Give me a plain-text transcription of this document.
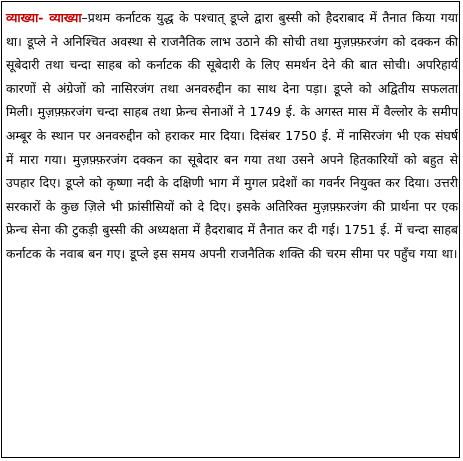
व्याख्या- व्याख्या–प्रथम कर्नाटक युद्ध के पश्चात् डूप्ले द्वारा बुस्सी को हैदराबाद में तैनात किया गया था। डूप्ले ने अनिश्चित अवस्था से राजनैतिक लाभ उठाने की सोची तथा मुज़फ़्फ़रजंग को दक्कन की सूबेदारी तथा चन्दा साहब को कर्नाटक की सूबेदारी के लिए समर्थन देने की बात सोची। अपरिहार्य कारणों से अंग्रेजों को नासिरजंग तथा अनवरुद्दीन का साथ देना पड़ा। डूप्ले को अद्वितीय सफलता मिली। मुज़फ़्फ़रजंग चन्दा साहब तथा फ्रेन्च सेनाओं ने 1749 ई. के अगस्त मास में वैल्लोर के समीप अम्बूर के स्थान पर अनवरुद्दीन को हराकर मार दिया। दिसंबर 1750 ई. में नासिरजंग भी एक संघर्ष में मारा गया। मुज़फ़्फ़रजंग दक्कन का सूबेदार बन गया तथा उसने अपने हितकारियों को बहुत से उपहार दिए। डूप्ले को कृष्णा नदी के दक्षिणी भाग में मुगल प्रदेशों का गवर्नर नियुक्त कर दिया। उत्तरी सरकारों के कुछ ज़िले भी फ्रांसीसियों को दे दिए। इसके अतिरिक्त मुज़फ़्फ़रजंग की प्रार्थना पर एक फ्रेन्च सेना की टुकड़ी बुस्सी की अध्यक्षता में हैदराबाद में तैनात कर दी गई। 1751 ई. में चन्दा साहब कर्नाटक के नवाब बन गए। डूप्ले इस समय अपनी राजनैतिक शक्ति की चरम सीमा पर पहुँच गया था।
